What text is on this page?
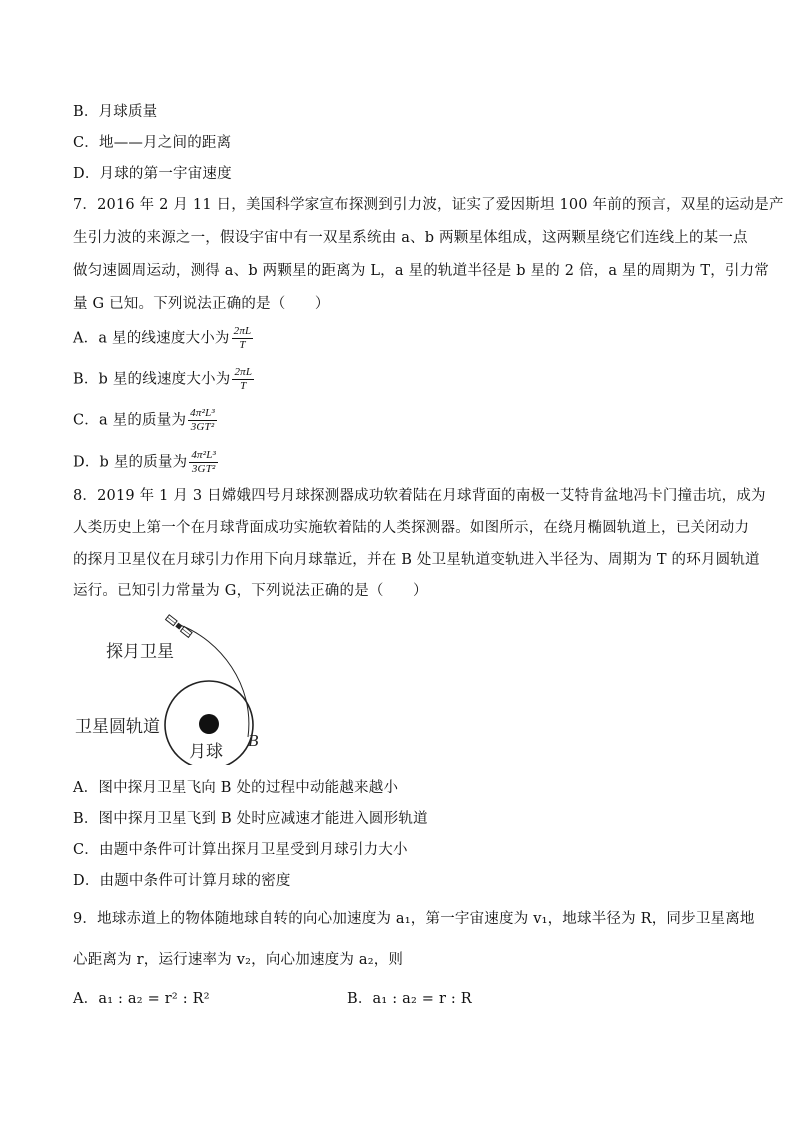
B．月球质量
C．地——月之间的距离
D．月球的第一宇宙速度
7．2016 年 2 月 11 日，美国科学家宣布探测到引力波，证实了爱因斯坦 100 年前的预言，双星的运动是产
生引力波的来源之一，假设宇宙中有一双星系统由 a、b 两颗星体组成，这两颗星绕它们连线上的某一点
做匀速圆周运动，测得 a、b 两颗星的距离为 L，a 星的轨道半径是 b 星的 2 倍，a 星的周期为 T，引力常
量 G 已知。下列说法正确的是（　　）
A．a 星的线速度大小为 $\frac{2\pi L}{T}$
B．b 星的线速度大小为 $\frac{2\pi L}{T}$
C．a 星的质量为 $\frac{\text{4π²L³}}{\text{3GT²}}$
D．b 星的质量为 $\frac{\text{4π²L³}}{\text{3GT²}}$
8．2019 年 1 月 3 日嫦娥四号月球探测器成功软着陆在月球背面的南极一艾特肯盆地冯卡门撞击坑，成为
人类历史上第一个在月球背面成功实施软着陆的人类探测器。如图所示，在绕月椭圆轨道上，已关闭动力
的探月卫星仪在月球引力作用下向月球靠近，并在 B 处卫星轨道变轨进入半径为、周期为 T 的环月圆轨道
运行。已知引力常量为 G，下列说法正确的是（　　）
探月卫星
卫星圆轨道
月球
B
A．图中探月卫星飞向 B 处的过程中动能越来越小
B．图中探月卫星飞到 B 处时应减速才能进入圆形轨道
C．由题中条件可计算出探月卫星受到月球引力大小
D．由题中条件可计算月球的密度
9．地球赤道上的物体随地球自转的向心加速度为 a₁，第一宇宙速度为 v₁，地球半径为 R，同步卫星离地
心距离为 r，运行速率为 v₂，向心加速度为 a₂，则
A．a₁ : a₂ = r² : R²	B．a₁ : a₂ = r : R
